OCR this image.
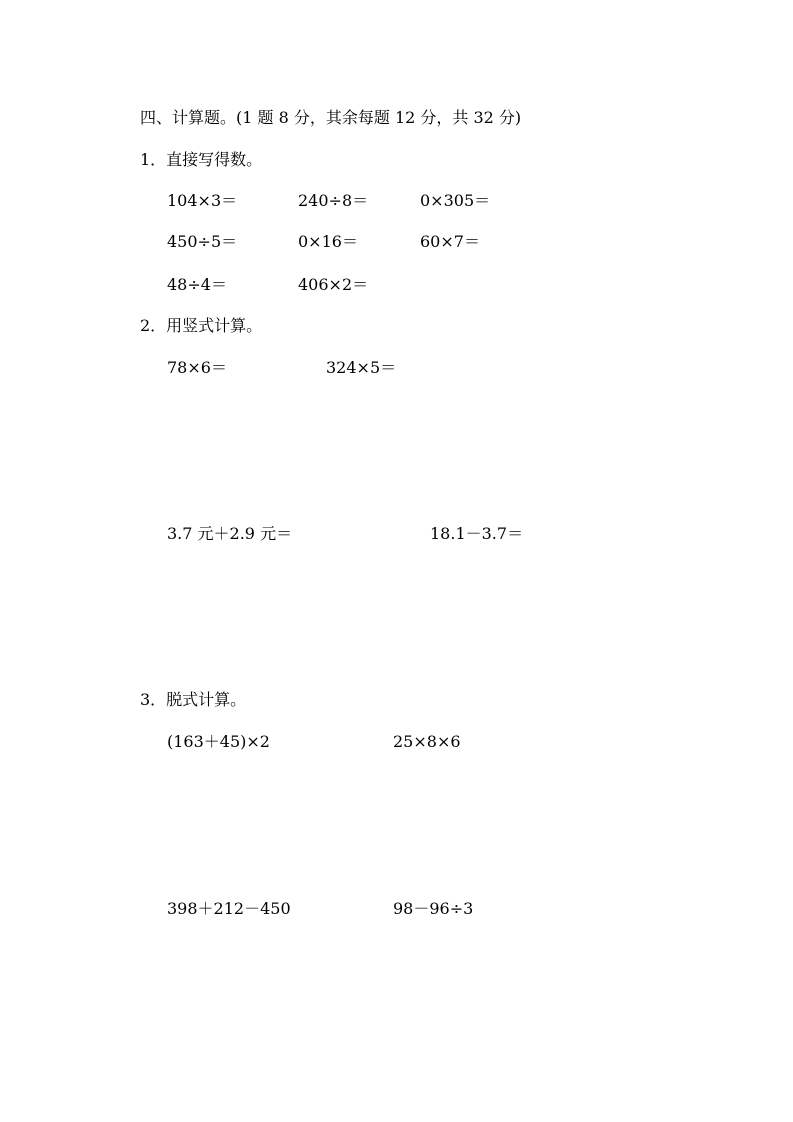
四、计算题。(1 题 8 分，其余每题 12 分，共 32 分)
1．直接写得数。
104×3＝	240÷8＝	0×305＝
450÷5＝	0×16＝	60×7＝
48÷4＝	406×2＝
2．用竖式计算。
78×6＝	324×5＝
3.7 元＋2.9 元＝	18.1－3.7＝
3．脱式计算。
(163＋45)×2	25×8×6
398＋212－450	98－96÷3
